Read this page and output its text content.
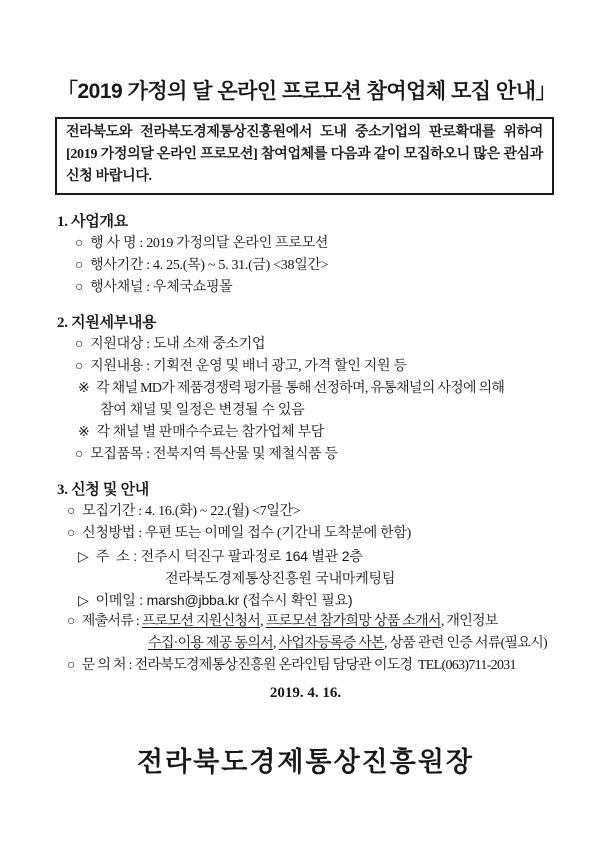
「2019 가정의 달 온라인 프로모션 참여업체 모집 안내」

전라북도와 전라북도경제통상진흥원에서 도내 중소기업의 판로확대를 위하여 [2019 가정의달 온라인 프로모션] 참여업체를 다음과 같이 모집하오니 많은 관심과 신청 바랍니다.

1. 사업개요
○ 행 사 명 : 2019 가정의달 온라인 프로모션
○ 행사기간 : 4. 25.(목) ~ 5. 31.(금) <38일간>
○ 행사채널 : 우체국쇼핑몰
2. 지원세부내용
○ 지원대상 : 도내 소재 중소기업
○ 지원내용 : 기획전 운영 및 배너 광고, 가격 할인 지원 등
※ 각 채널 MD가 제품경쟁력 평가를 통해 선정하며, 유통채널의 사정에 의해
참여 채널 및 일정은 변경될 수 있음
※ 각 채널 별 판매수수료는 참가업체 부담
○ 모집품목 : 전북지역 특산물 및 제철식품 등
3. 신청 및 안내
○ 모집기간 : 4. 16.(화) ~ 22.(월) <7일간>
○ 신청방법 : 우편 또는 이메일 접수 (기간내 도착분에 한함)
▷ 주  소 : 전주시 덕진구 팔과정로 164 별관 2층
전라북도경제통상진흥원 국내마케팅팀
▷ 이메일 : marsh@jbba.kr (접수시 확인 필요)
○ 제출서류 : 프로모션 지원신청서, 프로모션 참가희망 상품 소개서, 개인정보
수집·이용 제공 동의서, 사업자등록증 사본, 상품 관련 인증 서류(필요시)
○ 문 의 처 : 전라북도경제통상진흥원 온라인팀 담당관 이도경  TEL(063)711-2031

2019. 4. 16.

전라북도경제통상진흥원장
